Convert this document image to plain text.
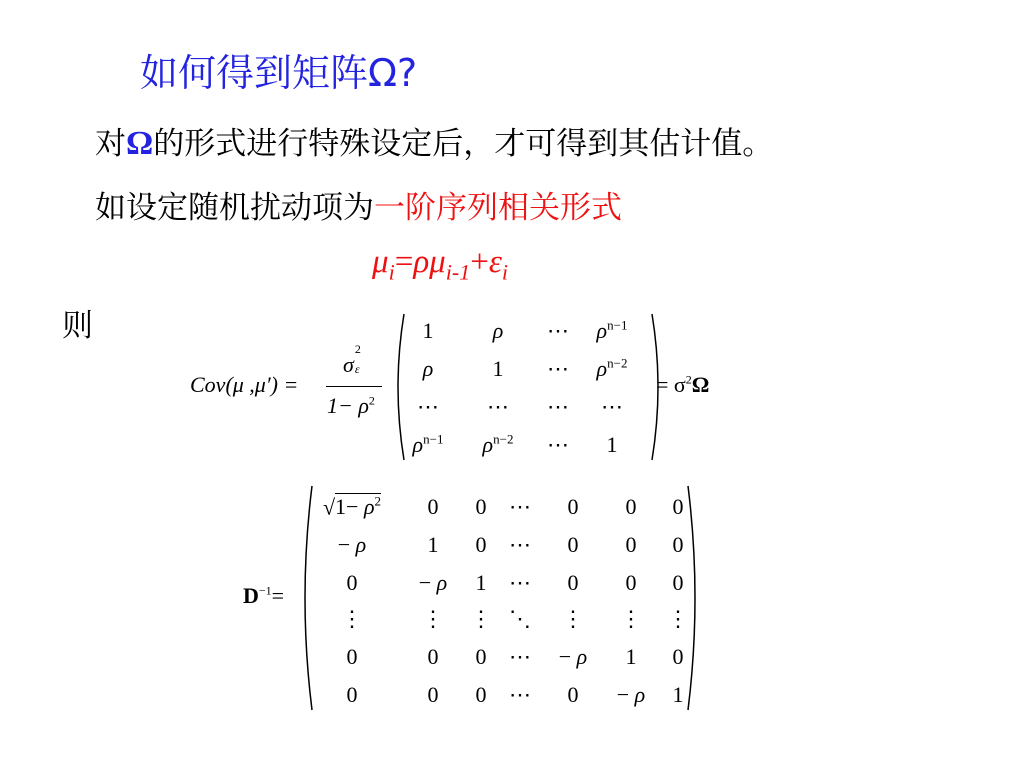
如何得到矩阵Ω?
对Ω的形式进行特殊设定后，才可得到其估计值。
如设定随机扰动项为一阶序列相关形式
$\mu_i=\rho\mu_{i-1}+\varepsilon_i$
则
Cov(μ ,μ′) =
σ
2
ε
$1- \rho^2$
1	ρ ⋯ $\rho^{n-1}$
ρ	1 ⋯ $\rho^{n-2}$
⋯ ⋯ ⋯ ⋯
$\rho^{n-1}$ $\rho^{n-2}$ ⋯ 1
= $\sigma^2\Omega$
$D^{-1}=$
$√1- \rho^2$ 0 0 ⋯ 0 0 0
− ρ	1 0 ⋯ 0 0 0
0	− ρ 1 ⋯ 0 0 0
⋮	⋮ ⋮ ⋱ ⋮ ⋮ ⋮
0	0 0 ⋯ − ρ 1 0
0	0 0 ⋯ 0 − ρ 1
